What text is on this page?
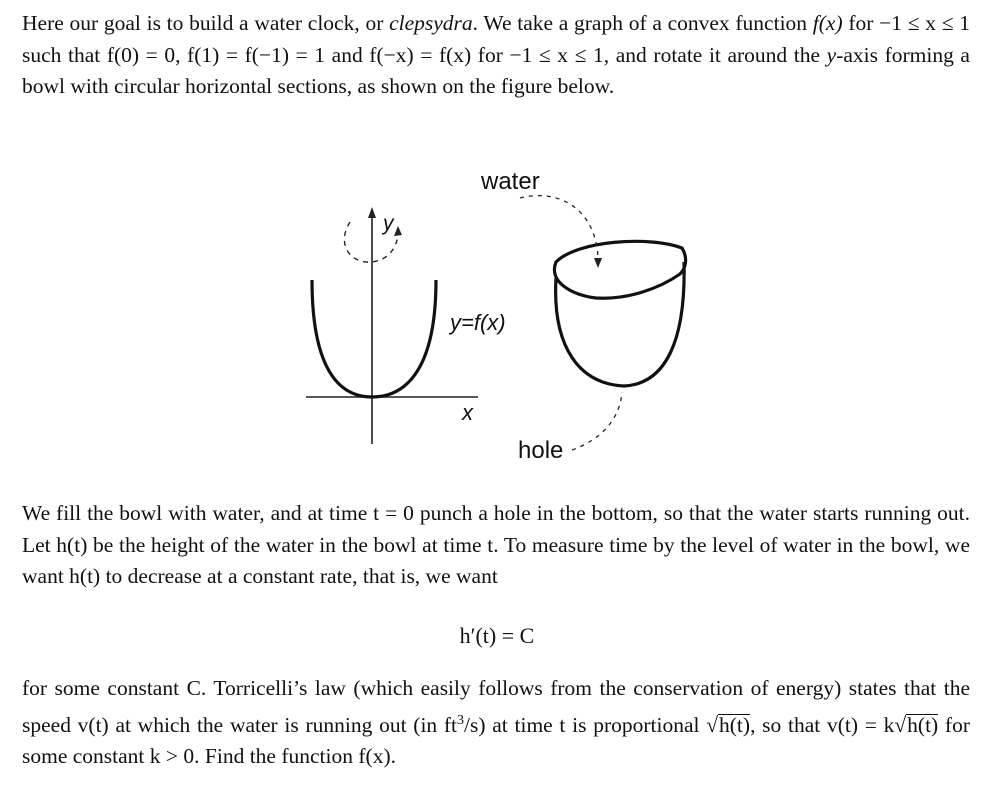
Here our goal is to build a water clock, or clepsydra. We take a graph of a convex function f(x) for −1 ≤ x ≤ 1 such that f(0) = 0, f(1) = f(−1) = 1 and f(−x) = f(x) for −1 ≤ x ≤ 1, and rotate it around the y-axis forming a bowl with circular horizontal sections, as shown on the figure below.
y
y=f(x)
x
water
hole
We fill the bowl with water, and at time t = 0 punch a hole in the bottom, so that the water starts running out. Let h(t) be the height of the water in the bowl at time t. To measure time by the level of water in the bowl, we want h(t) to decrease at a constant rate, that is, we want
h′(t) = C
for some constant C. Torricelli’s law (which easily follows from the conservation of energy) states that the speed v(t) at which the water is running out (in $ft^3/s$) at time t is proportional √h(t), so that v(t) = k√h(t) for some constant k > 0. Find the function f(x).
